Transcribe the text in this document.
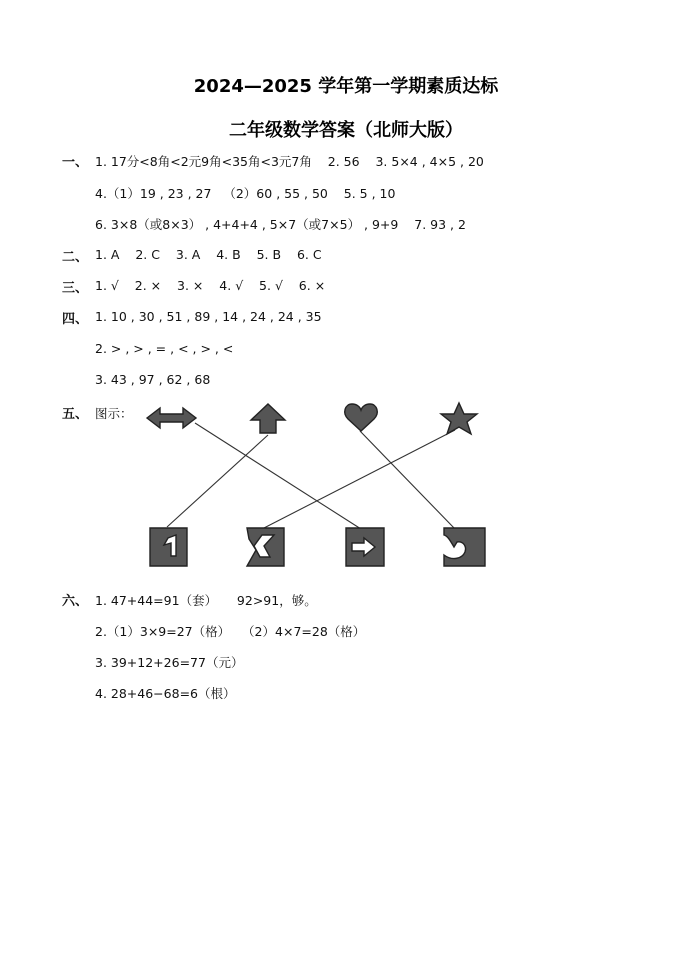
2024—2025 学年第一学期素质达标
二年级数学答案（北师大版）
一、 1. 17分<8角<2元9角<35角<3元7角    2. 56    3. 5×4 , 4×5 , 20
4.（1）19 , 23 , 27   （2）60 , 55 , 50    5. 5 , 10
6. 3×8（或8×3） , 4+4+4 , 5×7（或7×5） , 9+9    7. 93 , 2
二、 1. A    2. C    3. A    4. B    5. B    6. C
三、 1. √    2. ×    3. ×    4. √    5. √    6. ×
四、 1. 10 , 30 , 51 , 89 , 14 , 24 , 24 , 35
2. > , > , = , < , > , <
3. 43 , 97 , 62 , 68
五、 图示：
六、 1. 47+44=91（套）     92>91，够。
2.（1）3×9=27（格）   （2）4×7=28（格）
3. 39+12+26=77（元）
4. 28+46−68=6（根）
